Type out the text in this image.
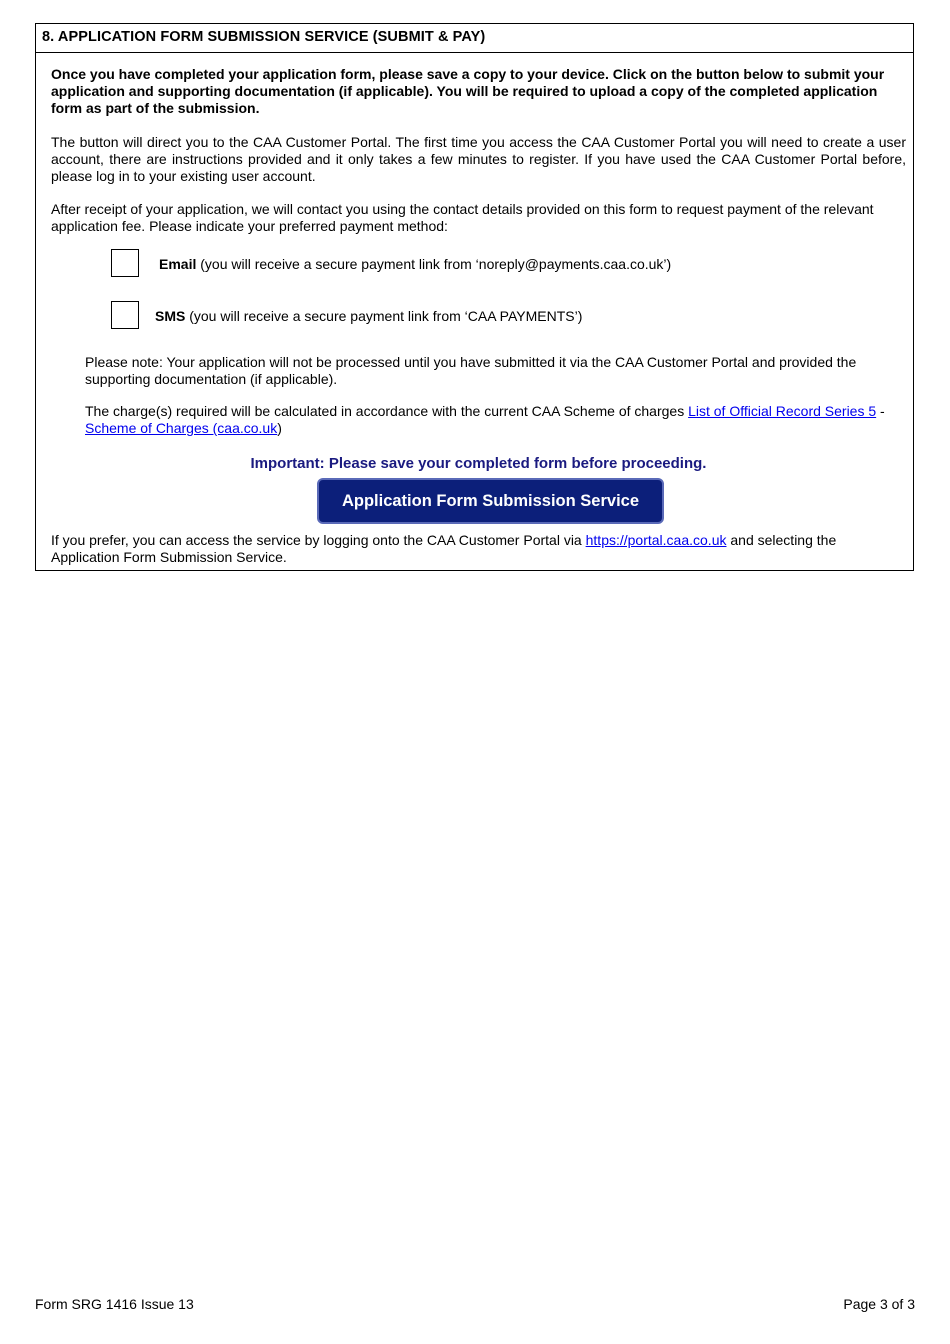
8. APPLICATION FORM SUBMISSION SERVICE (SUBMIT & PAY)

Once you have completed your application form, please save a copy to your device. Click on the button below to submit your application and supporting documentation (if applicable). You will be required to upload a copy of the completed application form as part of the submission.

The button will direct you to the CAA Customer Portal. The first time you access the CAA Customer Portal you will need to create a user account, there are instructions provided and it only takes a few minutes to register. If you have used the CAA Customer Portal before, please log in to your existing user account.

After receipt of your application, we will contact you using the contact details provided on this form to request payment of the relevant application fee. Please indicate your preferred payment method:

Email (you will receive a secure payment link from ‘noreply@payments.caa.co.uk’)
SMS (you will receive a secure payment link from ‘CAA PAYMENTS’)

Please note: Your application will not be processed until you have submitted it via the CAA Customer Portal and provided the supporting documentation (if applicable).

The charge(s) required will be calculated in accordance with the current CAA Scheme of charges List of Official Record Series 5 - Scheme of Charges (caa.co.uk)

Important: Please save your completed form before proceeding.
Application Form Submission Service

If you prefer, you can access the service by logging onto the CAA Customer Portal via https://portal.caa.co.uk and selecting the Application Form Submission Service.

Form SRG 1416 Issue 13	Page 3 of 3
